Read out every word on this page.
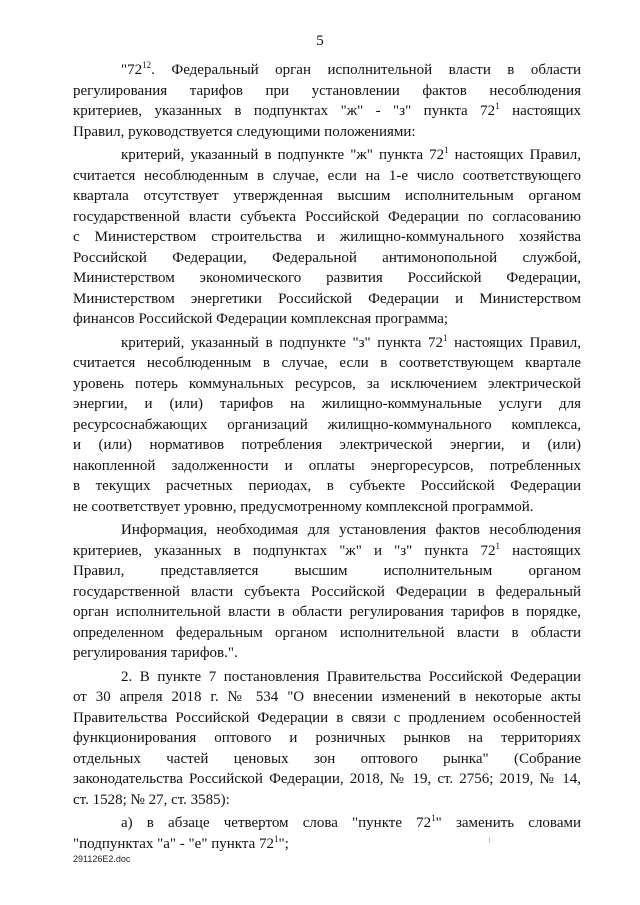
5
"$72^{12}$. Федеральный орган исполнительной власти в области
регулирования тарифов при установлении фактов несоблюдения
критериев, указанных в подпунктах "ж" - "з" пункта $72^1$ настоящих
Правил, руководствуется следующими положениями:
критерий, указанный в подпункте "ж" пункта $72^1$ настоящих Правил,
считается несоблюденным в случае, если на 1-е число соответствующего
квартала отсутствует утвержденная высшим исполнительным органом
государственной власти субъекта Российской Федерации по согласованию
с Министерством строительства и жилищно-коммунального хозяйства
Российской Федерации, Федеральной антимонопольной службой,
Министерством экономического развития Российской Федерации,
Министерством энергетики Российской Федерации и Министерством
финансов Российской Федерации комплексная программа;
критерий, указанный в подпункте "з" пункта $72^1$ настоящих Правил,
считается несоблюденным в случае, если в соответствующем квартале
уровень потерь коммунальных ресурсов, за исключением электрической
энергии, и (или) тарифов на жилищно-коммунальные услуги для
ресурсоснабжающих организаций жилищно-коммунального комплекса,
и (или) нормативов потребления электрической энергии, и (или)
накопленной задолженности и оплаты энергоресурсов, потребленных
в текущих расчетных периодах, в субъекте Российской Федерации
не соответствует уровню, предусмотренному комплексной программой.
Информация, необходимая для установления фактов несоблюдения
критериев, указанных в подпунктах "ж" и "з" пункта $72^1$ настоящих
Правил, представляется высшим исполнительным органом
государственной власти субъекта Российской Федерации в федеральный
орган исполнительной власти в области регулирования тарифов в порядке,
определенном федеральным органом исполнительной власти в области
регулирования тарифов.".
2. В пункте 7 постановления Правительства Российской Федерации
от 30 апреля 2018 г. № 534 "О внесении изменений в некоторые акты
Правительства Российской Федерации в связи с продлением особенностей
функционирования оптового и розничных рынков на территориях
отдельных частей ценовых зон оптового рынка" (Собрание
законодательства Российской Федерации, 2018, № 19, ст. 2756; 2019, № 14,
ст. 1528; № 27, ст. 3585):
а) в абзаце четвертом слова "пункте $72^1$" заменить словами
"подпунктах "а" - "е" пункта $72^1$";
291126E2.doc
